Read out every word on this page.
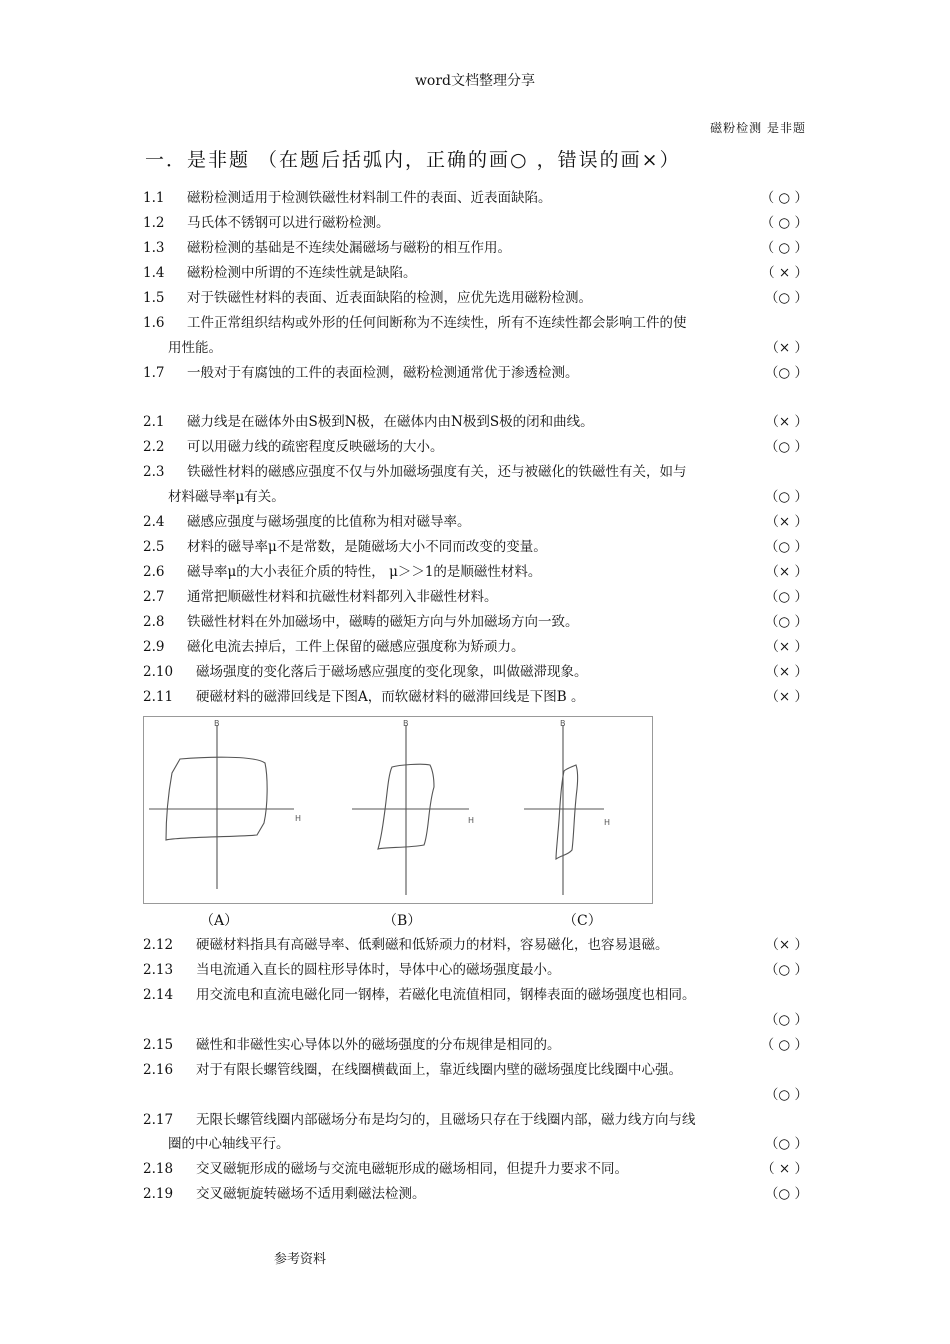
word文档整理分享
磁粉检测 是非题
一．是非题 （在题后括弧内，正确的画○ ，错误的画×）
1.1 磁粉检测适用于检测铁磁性材料制工件的表面、近表面缺陷。	（ ○ ）
1.2 马氏体不锈钢可以进行磁粉检测。	（ ○ ）
1.3 磁粉检测的基础是不连续处漏磁场与磁粉的相互作用。	（ ○ ）
1.4 磁粉检测中所谓的不连续性就是缺陷。	（ × ）
1.5 对于铁磁性材料的表面、近表面缺陷的检测，应优先选用磁粉检测。	（○ ）
1.6 工件正常组织结构或外形的任何间断称为不连续性，所有不连续性都会影响工件的使
用性能。	（× ）
1.7 一般对于有腐蚀的工件的表面检测，磁粉检测通常优于渗透检测。	（○ ）
2.1 磁力线是在磁体外由S极到N极，在磁体内由N极到S极的闭和曲线。	（× ）
2.2 可以用磁力线的疏密程度反映磁场的大小。	（○ ）
2.3 铁磁性材料的磁感应强度不仅与外加磁场强度有关，还与被磁化的铁磁性有关，如与
材料磁导率μ有关。	（○ ）
2.4 磁感应强度与磁场强度的比值称为相对磁导率。	（× ）
2.5 材料的磁导率μ不是常数，是随磁场大小不同而改变的变量。	（○ ）
2.6 磁导率μ的大小表征介质的特性， μ＞＞1的是顺磁性材料。	（× ）
2.7 通常把顺磁性材料和抗磁性材料都列入非磁性材料。	（○ ）
2.8 铁磁性材料在外加磁场中，磁畴的磁矩方向与外加磁场方向一致。	（○ ）
2.9 磁化电流去掉后，工件上保留的磁感应强度称为矫顽力。	（× ）
2.10 磁场强度的变化落后于磁场感应强度的变化现象，叫做磁滞现象。	（× ）
2.11 硬磁材料的磁滞回线是下图A，而软磁材料的磁滞回线是下图B 。	（× ）
2.12 硬磁材料指具有高磁导率、低剩磁和低矫顽力的材料，容易磁化，也容易退磁。	（× ）
2.13 当电流通入直长的圆柱形导体时，导体中心的磁场强度最小。	（○ ）
2.14 用交流电和直流电磁化同一钢棒，若磁化电流值相同，钢棒表面的磁场强度也相同。
（○ ）
2.15 磁性和非磁性实心导体以外的磁场强度的分布规律是相同的。	（ ○ ）
2.16 对于有限长螺管线圈，在线圈横截面上，靠近线圈内壁的磁场强度比线圈中心强。
（○ ）
2.17 无限长螺管线圈内部磁场分布是均匀的，且磁场只存在于线圈内部，磁力线方向与线
圈的中心轴线平行。	（○ ）
2.18 交叉磁轭形成的磁场与交流电磁轭形成的磁场相同，但提升力要求不同。	（ × ）
2.19 交叉磁轭旋转磁场不适用剩磁法检测。	（○ ）
B
H
B
H
B
H
（A）	（B）	（C）
参考资料
